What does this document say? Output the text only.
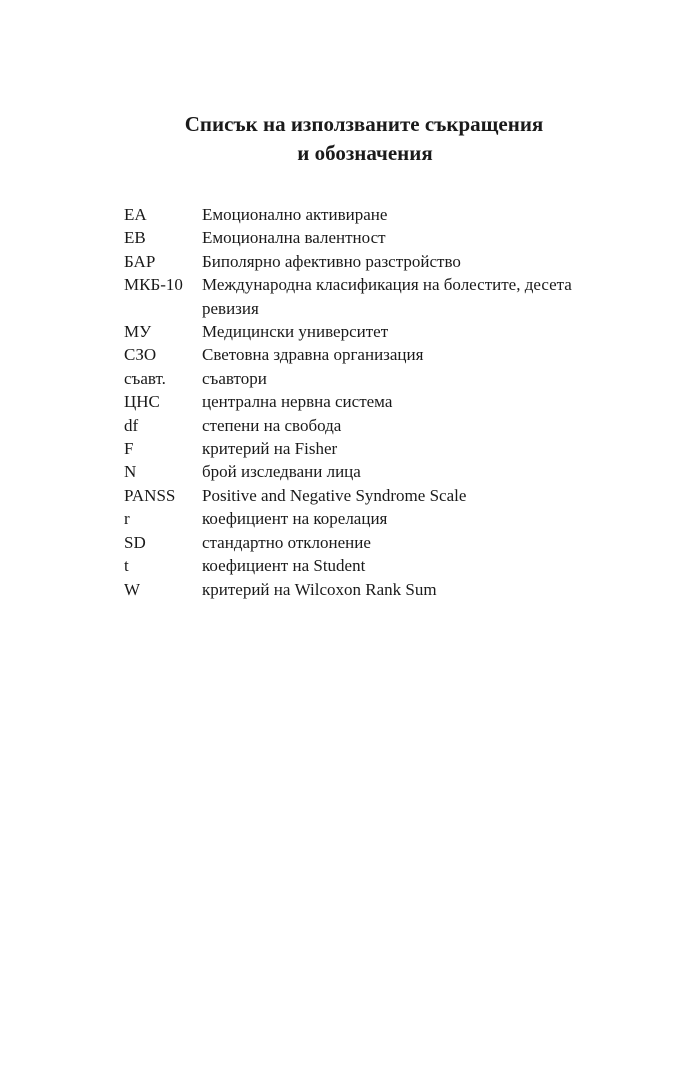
Списък на използваните съкращения
и обозначения
ЕА	Емоционално активиране
ЕВ	Емоционална валентност
БАР	Биполярно афективно разстройство
МКБ-10	Международна класификация на болестите, десета ревизия
МУ	Медицински университет
СЗО	Световна здравна организация
съавт.	съавтори
ЦНС	централна нервна система
df	степени на свобода
F	критерий на Fisher
N	брой изследвани лица
PANSS	Positive and Negative Syndrome Scale
r	коефициент на корелация
SD	стандартно отклонение
t	коефициент на Student
W	критерий на Wilcoxon Rank Sum
